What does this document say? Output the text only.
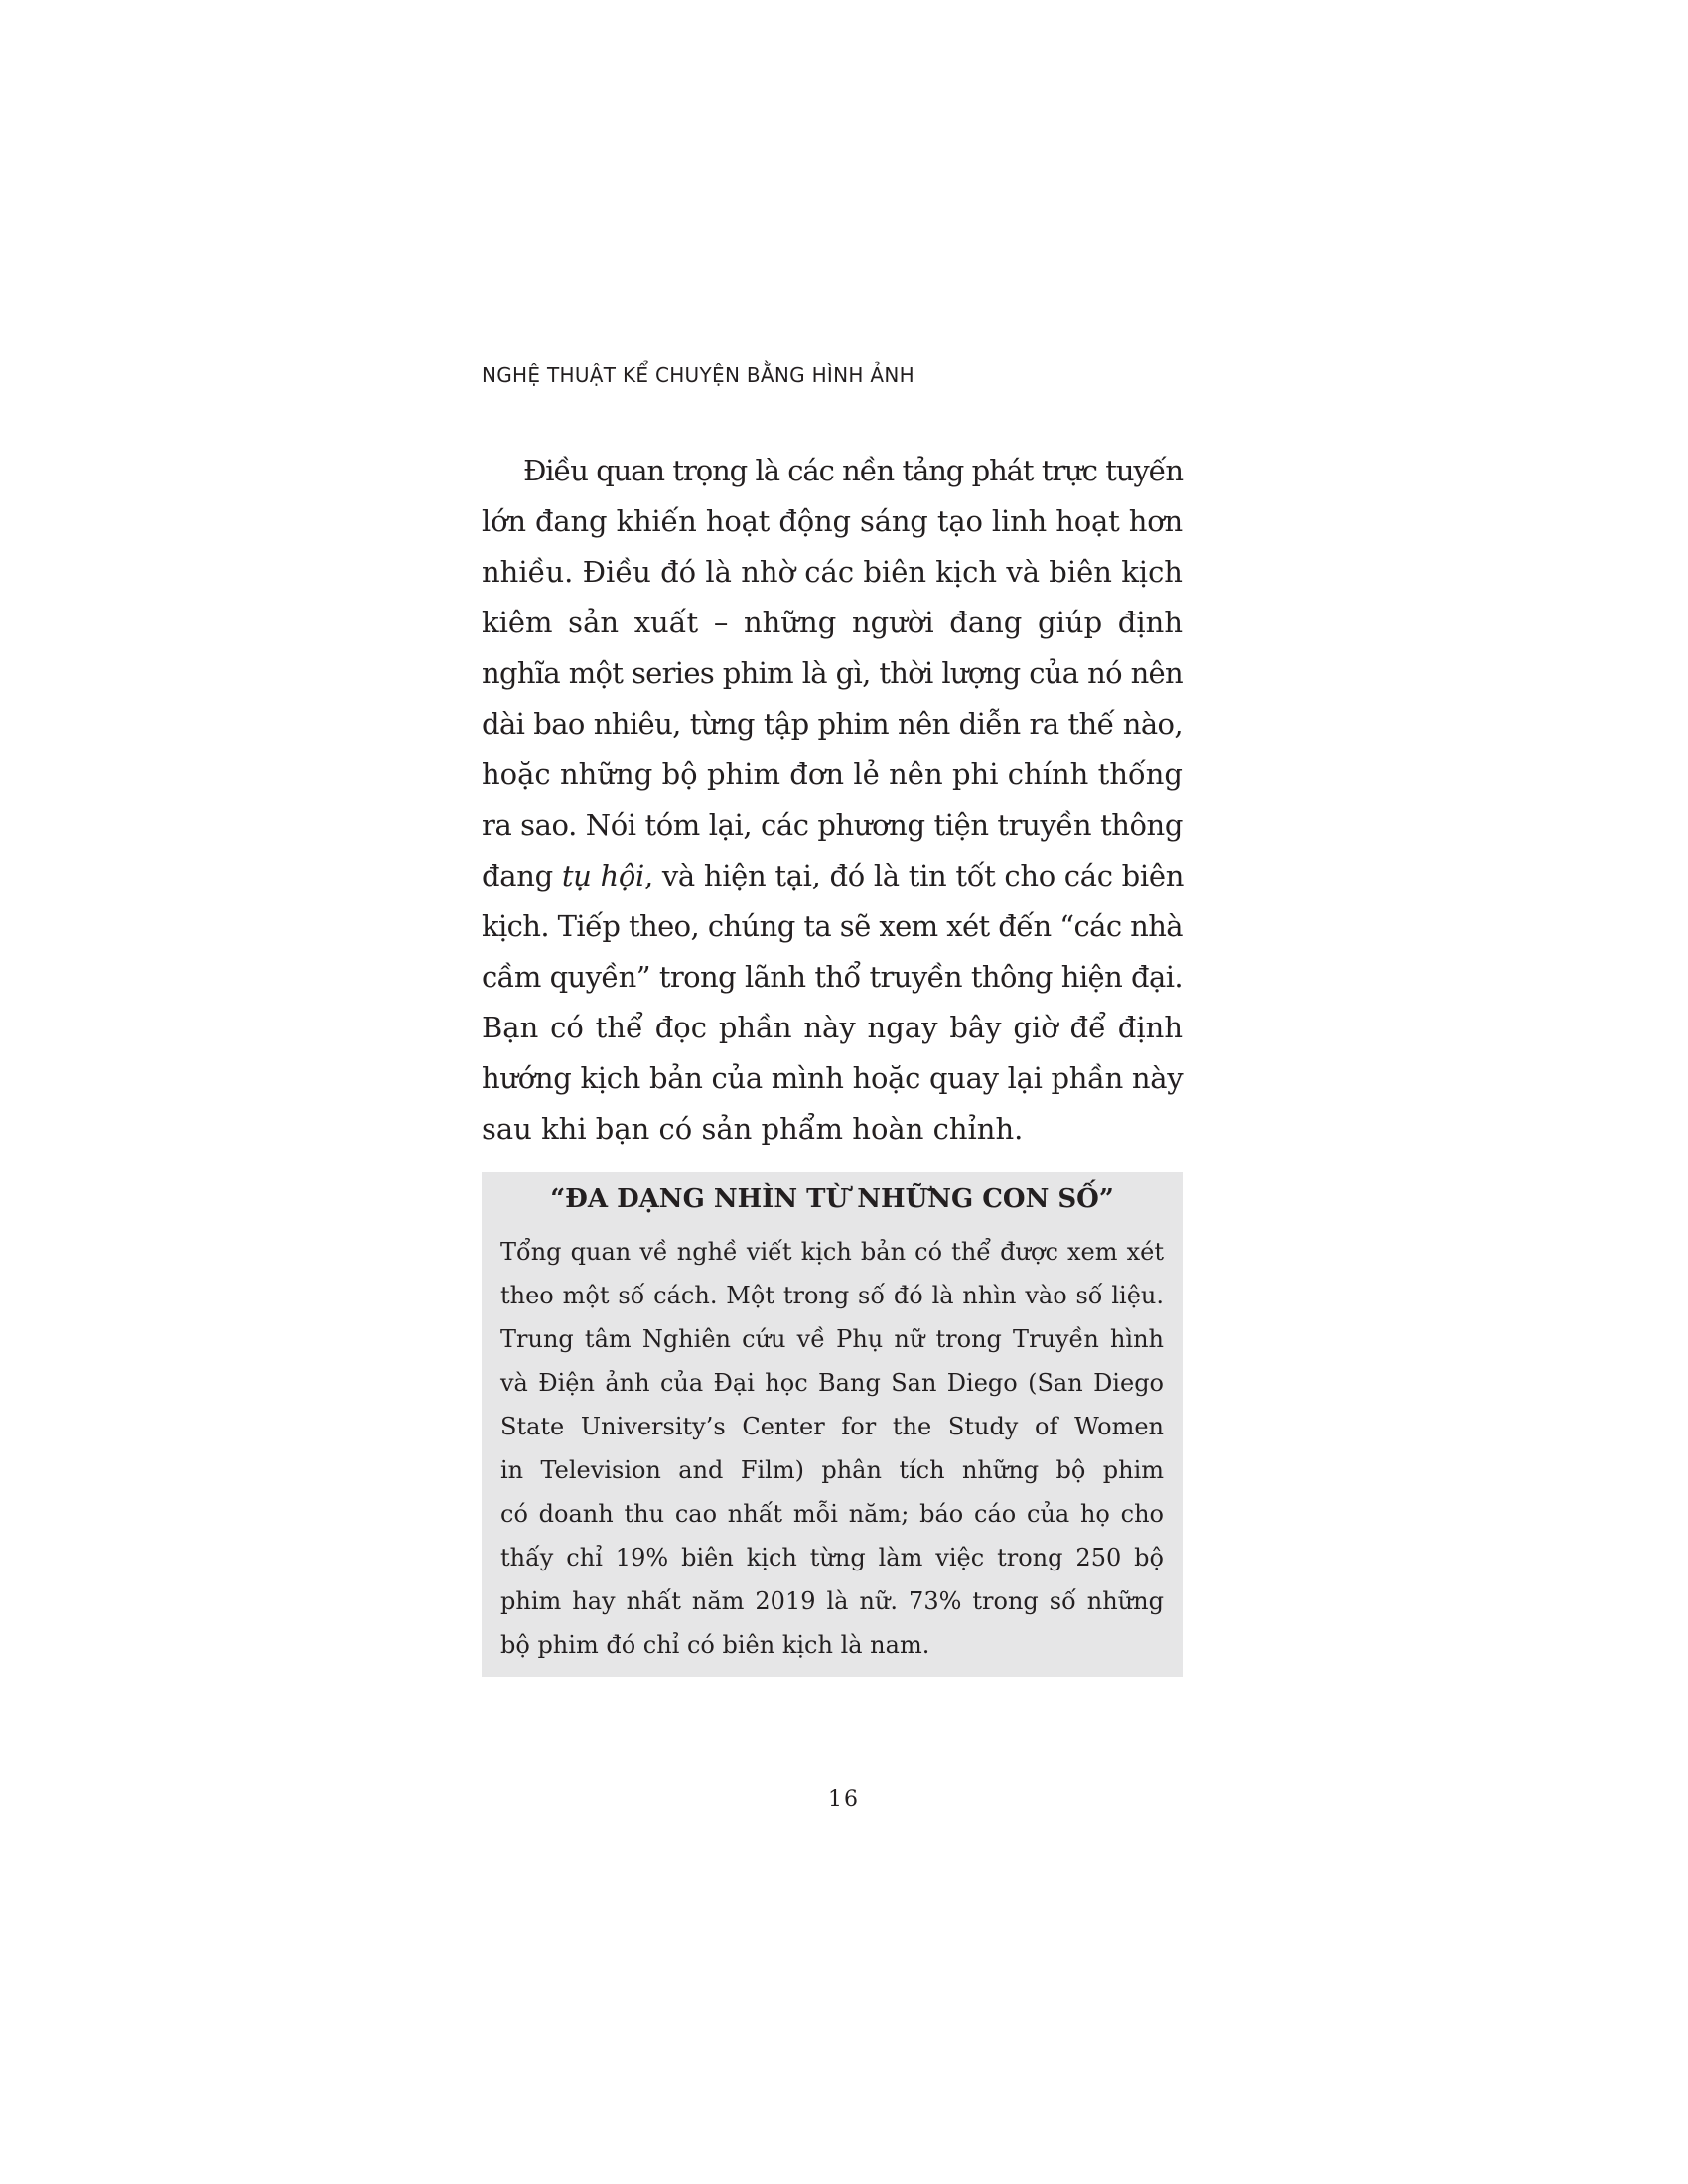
NGHỆ THUẬT KỂ CHUYỆN BẰNG HÌNH ẢNH
Điều quan trọng là các nền tảng phát trực tuyến
lớn đang khiến hoạt động sáng tạo linh hoạt hơn
nhiều. Điều đó là nhờ các biên kịch và biên kịch
kiêm sản xuất – những người đang giúp định
nghĩa một series phim là gì, thời lượng của nó nên
dài bao nhiêu, từng tập phim nên diễn ra thế nào,
hoặc những bộ phim đơn lẻ nên phi chính thống
ra sao. Nói tóm lại, các phương tiện truyền thông
đang tụ hội, và hiện tại, đó là tin tốt cho các biên
kịch. Tiếp theo, chúng ta sẽ xem xét đến “các nhà
cầm quyền” trong lãnh thổ truyền thông hiện đại.
Bạn có thể đọc phần này ngay bây giờ để định
hướng kịch bản của mình hoặc quay lại phần này
sau khi bạn có sản phẩm hoàn chỉnh.
“ĐA DẠNG NHÌN TỪ NHỮNG CON SỐ”
Tổng quan về nghề viết kịch bản có thể được xem xét
theo một số cách. Một trong số đó là nhìn vào số liệu.
Trung tâm Nghiên cứu về Phụ nữ trong Truyền hình
và Điện ảnh của Đại học Bang San Diego (San Diego
State University’s Center for the Study of Women
in Television and Film) phân tích những bộ phim
có doanh thu cao nhất mỗi năm; báo cáo của họ cho
thấy chỉ 19% biên kịch từng làm việc trong 250 bộ
phim hay nhất năm 2019 là nữ. 73% trong số những
bộ phim đó chỉ có biên kịch là nam.
16
